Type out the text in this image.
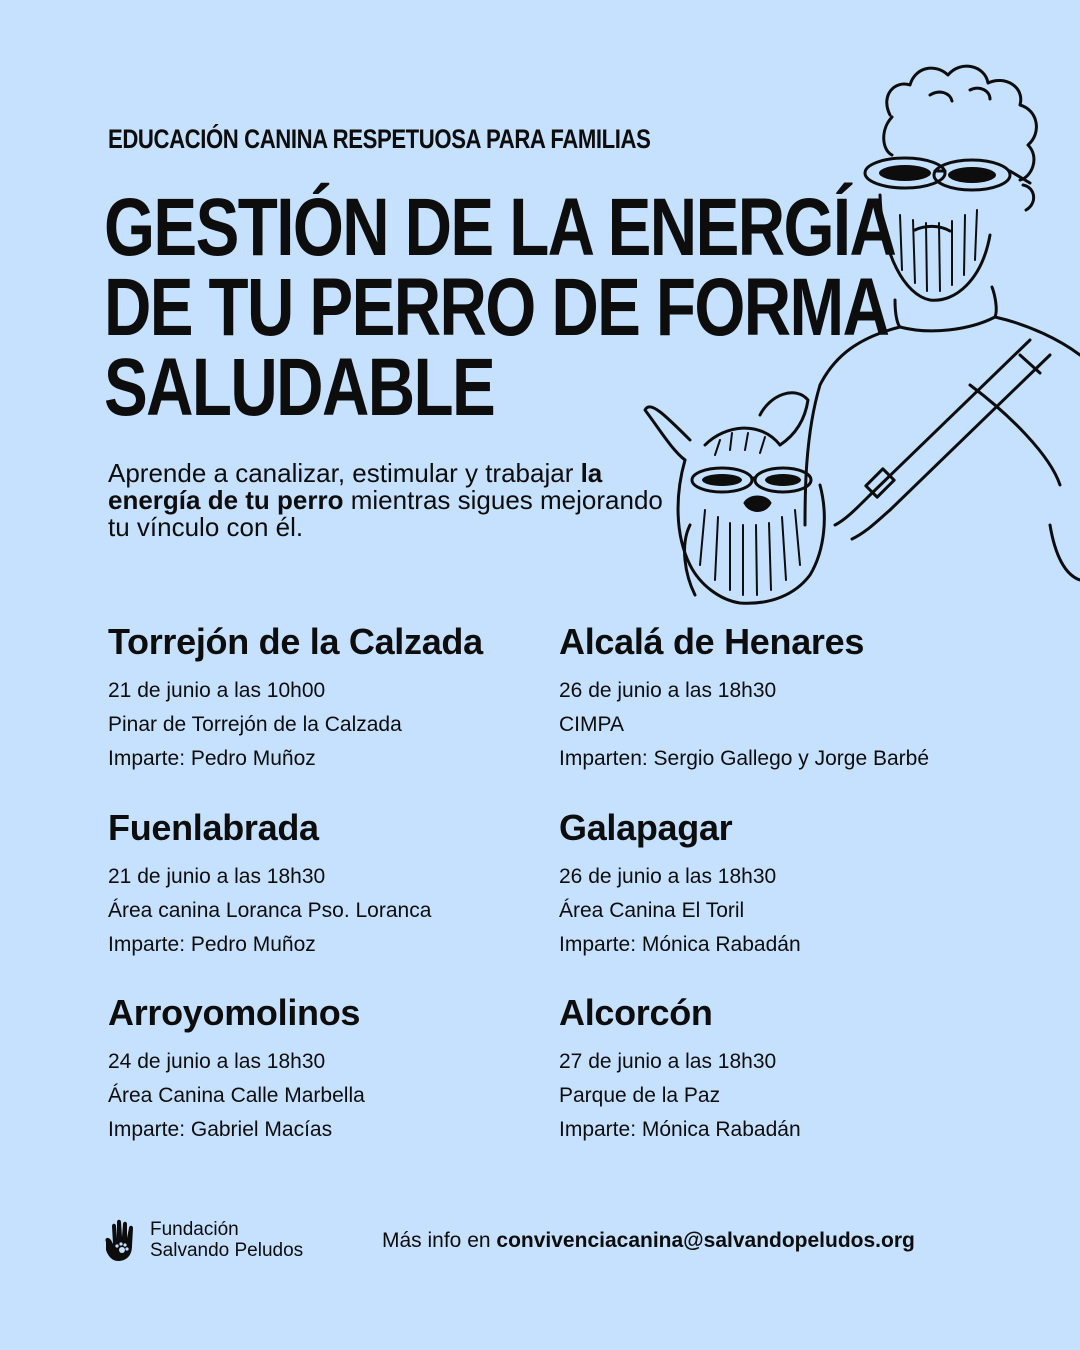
EDUCACIÓN CANINA RESPETUOSA PARA FAMILIAS
GESTIÓN DE LA ENERGÍA
DE TU PERRO DE FORMA
SALUDABLE

Aprende a canalizar, estimular y trabajar la energía de tu perro mientras sigues mejorando tu vínculo con él.

Torrejón de la Calzada
21 de junio a las 10h00
Pinar de Torrejón de la Calzada
Imparte: Pedro Muñoz
Alcalá de Henares
26 de junio a las 18h30
CIMPA
Imparten: Sergio Gallego y Jorge Barbé
Fuenlabrada
21 de junio a las 18h30
Área canina Loranca Pso. Loranca
Imparte: Pedro Muñoz
Galapagar
26 de junio a las 18h30
Área Canina El Toril
Imparte: Mónica Rabadán
Arroyomolinos
24 de junio a las 18h30
Área Canina Calle Marbella
Imparte: Gabriel Macías
Alcorcón
27 de junio a las 18h30
Parque de la Paz
Imparte: Mónica Rabadán
Fundación
Salvando Peludos	Más info en convivenciacanina@salvandopeludos.org
